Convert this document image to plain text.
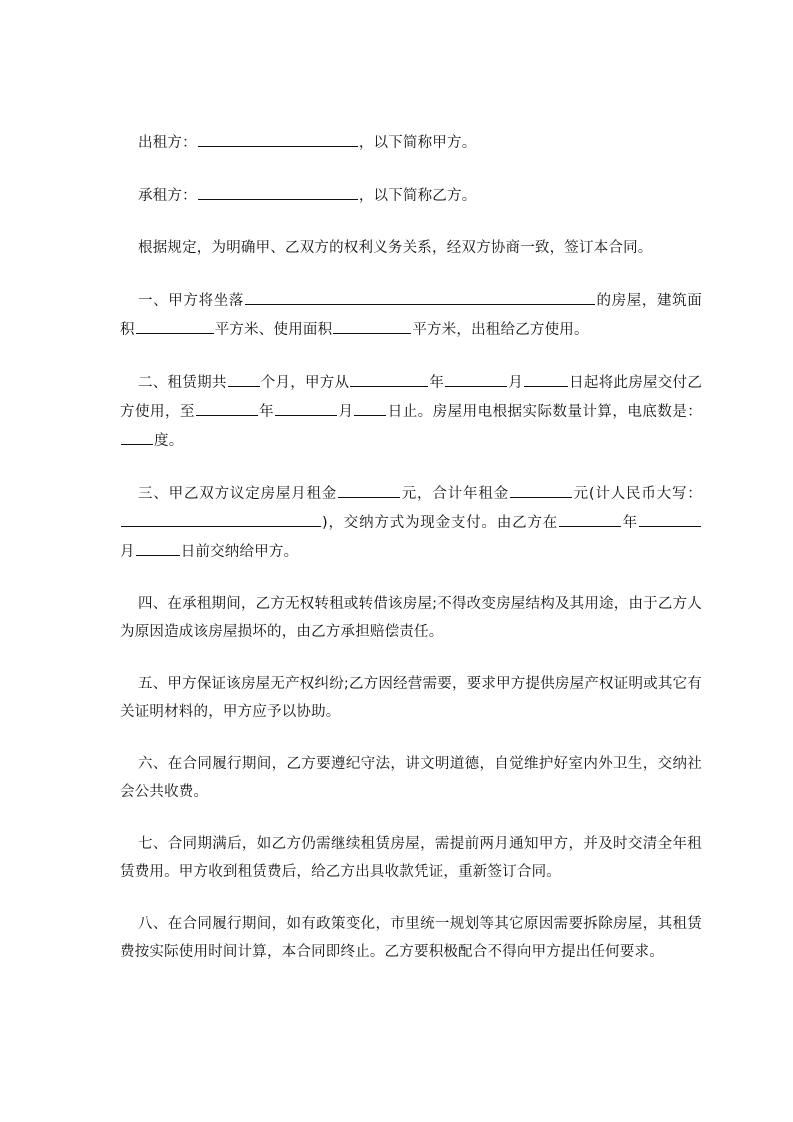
出租方：	，以下简称甲方。

承租方：	，以下简称乙方。

根据规定，为明确甲、乙双方的权利义务关系，经双方协商一致，签订本合同。

一、甲方将坐落	的房屋，建筑面积	平方米、使用面积	平方米，出租给乙方使用。

二、租赁期共 个月，甲方从	年	月	日起将此房屋交付乙方使用，至	年	月 日止。房屋用电根据实际数量计算，电底数是：度。

三、甲乙双方议定房屋月租金	元，合计年租金	元(计人民币大写：)，交纳方式为现金支付。由乙方在	年月	日前交纳给甲方。

四、在承租期间，乙方无权转租或转借该房屋;不得改变房屋结构及其用途，由于乙方人为原因造成该房屋损坏的，由乙方承担赔偿责任。

五、甲方保证该房屋无产权纠纷;乙方因经营需要，要求甲方提供房屋产权证明或其它有关证明材料的，甲方应予以协助。

六、在合同履行期间，乙方要遵纪守法，讲文明道德，自觉维护好室内外卫生，交纳社会公共收费。

七、合同期满后，如乙方仍需继续租赁房屋，需提前两月通知甲方，并及时交清全年租赁费用。甲方收到租赁费后，给乙方出具收款凭证，重新签订合同。

八、在合同履行期间，如有政策变化，市里统一规划等其它原因需要拆除房屋，其租赁费按实际使用时间计算，本合同即终止。乙方要积极配合不得向甲方提出任何要求。
